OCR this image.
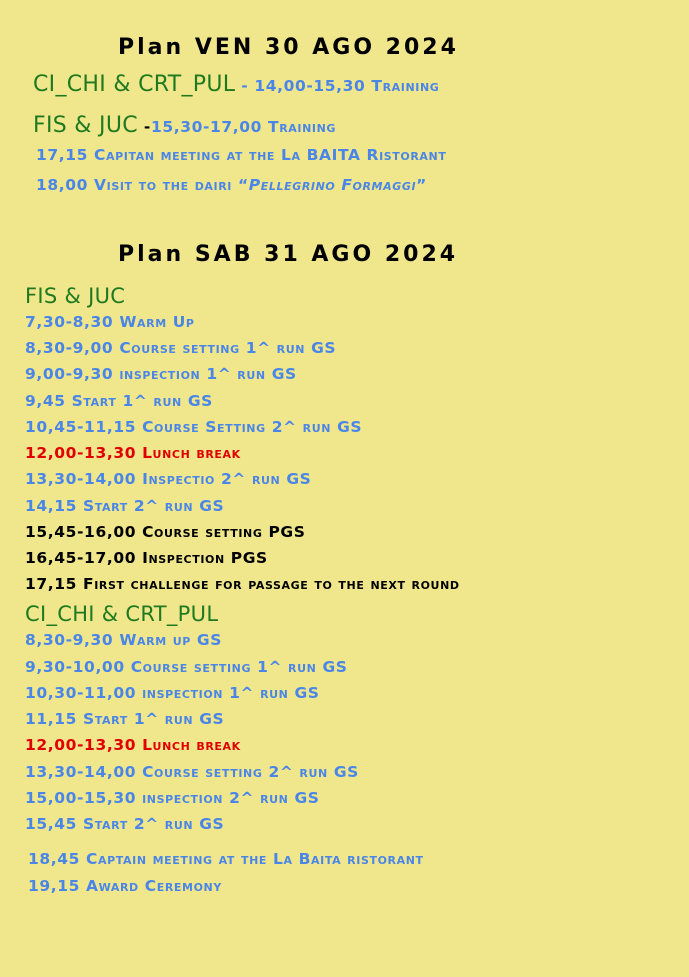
Plan VEN 30 AGO 2024
CI_CHI & CRT_PUL - 14,00-15,30 Training
FIS & JUC -15,30-17,00 Training
17,15 Capitan meeting at the La BAITA Ristorant
18,00 Visit to the dairi “Pellegrino Formaggi”
Plan SAB 31 AGO 2024
FIS & JUC
7,30-8,30 Warm Up
8,30-9,00 Course setting 1^ run GS
9,00-9,30 inspection 1^ run GS
9,45 Start 1^ run GS
10,45-11,15 Course Setting 2^ run GS
12,00-13,30 Lunch break
13,30-14,00 Inspectio 2^ run GS
14,15 Start 2^ run GS
15,45-16,00 Course setting PGS
16,45-17,00 Inspection PGS
17,15 First challenge for passage to the next round
CI_CHI & CRT_PUL
8,30-9,30 Warm up GS
9,30-10,00 Course setting 1^ run GS
10,30-11,00 inspection 1^ run GS
11,15 Start 1^ run GS
12,00-13,30 Lunch break
13,30-14,00 Course setting 2^ run GS
15,00-15,30 inspection 2^ run GS
15,45 Start 2^ run GS
18,45 Captain meeting at the La Baita ristorant
19,15 Award Ceremony
